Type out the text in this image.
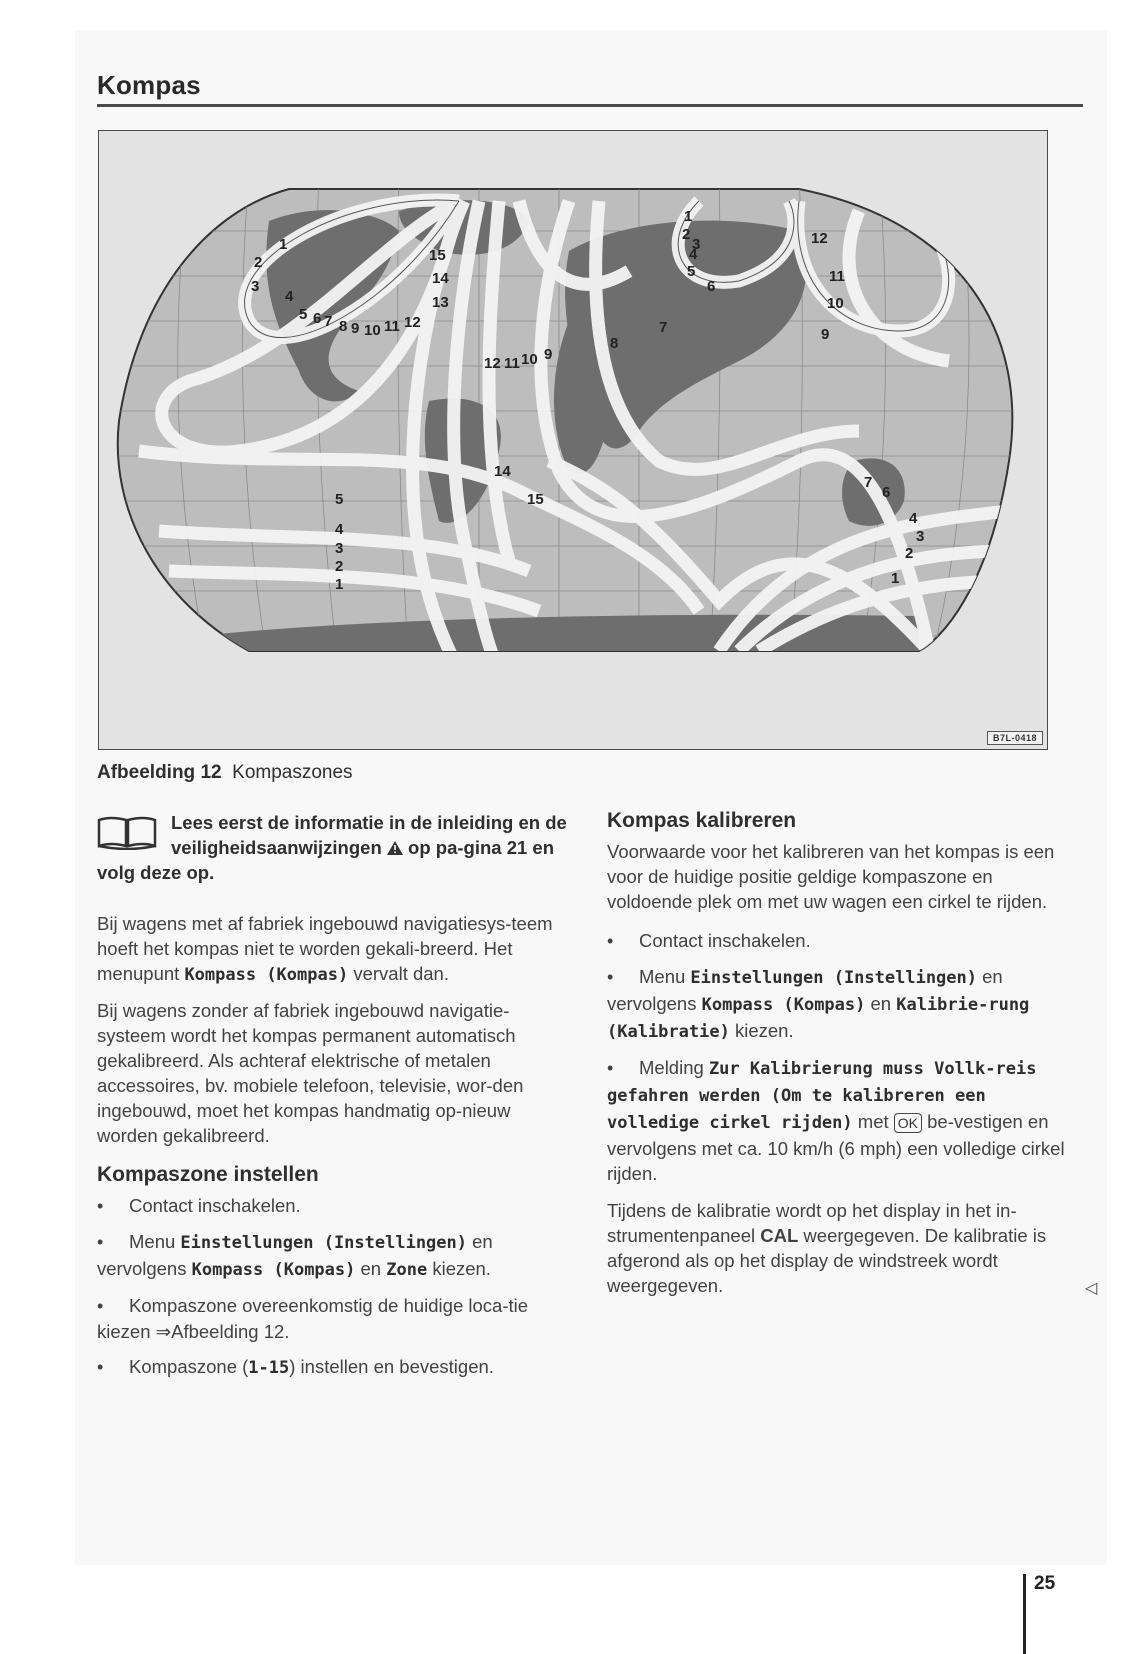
Kompas
1
2
3
4
5 6 7 8 9 10 11 12
15
14
13
12 11 10 9
1
2
3
4
5
6
7
8
12
11
10
9
5
4
3
2
1
14
15
7
6
4
3
2
1
B7L-0418
Afbeelding 12 Kompaszones
Lees eerst de informatie in de inleiding en de veiligheidsaanwijzingen op pa-gina 21 en volg deze op.

Bij wagens met af fabriek ingebouwd navigatiesys-teem hoeft het kompas niet te worden gekali-breerd. Het menupunt Kompass (Kompas) vervalt dan.

Bij wagens zonder af fabriek ingebouwd navigatie-systeem wordt het kompas permanent automatisch gekalibreerd. Als achteraf elektrische of metalen accessoires, bv. mobiele telefoon, televisie, wor-den ingebouwd, moet het kompas handmatig op-nieuw worden gekalibreerd.

Kompaszone instellen
• Contact inschakelen.
• Menu Einstellungen (Instellingen) en vervolgens Kompass (Kompas) en Zone kiezen.
• Kompaszone overeenkomstig de huidige loca-tie kiezen ⇒Afbeelding 12.
• Kompaszone (1-15) instellen en bevestigen.
Kompas kalibreren

Voorwaarde voor het kalibreren van het kompas is een voor de huidige positie geldige kompaszone en voldoende plek om met uw wagen een cirkel te rijden.

• Contact inschakelen.
• Menu Einstellungen (Instellingen) en vervolgens Kompass (Kompas) en Kalibrie-rung (Kalibratie) kiezen.
• Melding Zur Kalibrierung muss Vollk-reis gefahren werden (Om te kalibreren een volledige cirkel rijden) met OK be-vestigen en vervolgens met ca. 10 km/h (6 mph) een volledige cirkel rijden.

Tijdens de kalibratie wordt op het display in het in-strumentenpaneel CAL weergegeven. De kalibratie is afgerond als op het display de windstreek wordt weergegeven.	◁
25
